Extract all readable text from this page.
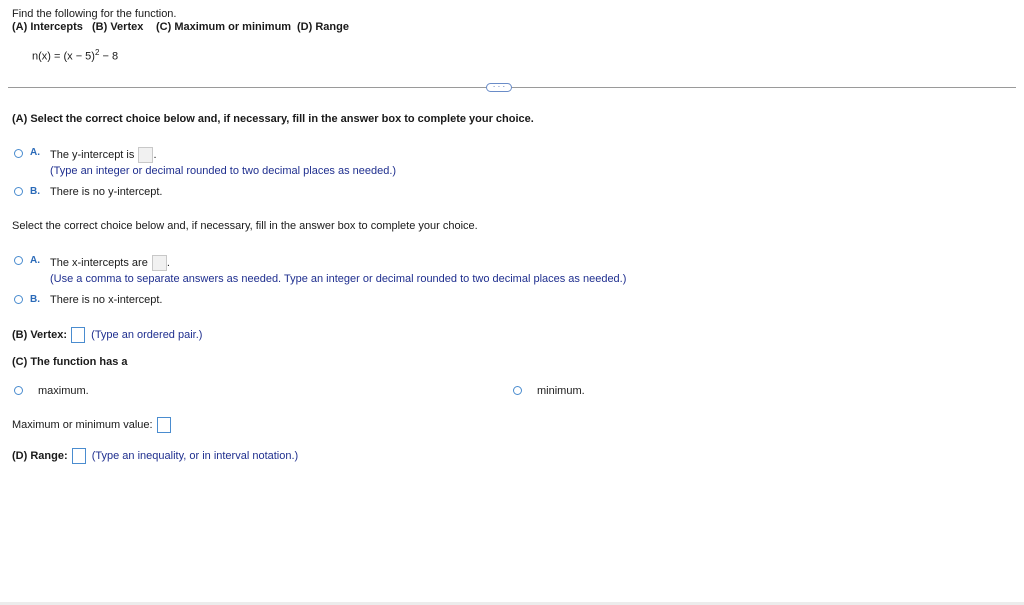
Find the following for the function.
(A) Intercepts (B) Vertex (C) Maximum or minimum (D) Range
$n(x) = (x - 5)^2 - 8$
· · ·
(A) Select the correct choice below and, if necessary, fill in the answer box to complete your choice.
A. The y-intercept is .
(Type an integer or decimal rounded to two decimal places as needed.)
B. There is no y-intercept.
Select the correct choice below and, if necessary, fill in the answer box to complete your choice.
A. The x-intercepts are .
(Use a comma to separate answers as needed. Type an integer or decimal rounded to two decimal places as needed.)
B. There is no x-intercept.
(B) Vertex: (Type an ordered pair.)
(C) The function has a
maximum.	minimum.
Maximum or minimum value:
(D) Range: (Type an inequality, or in interval notation.)
